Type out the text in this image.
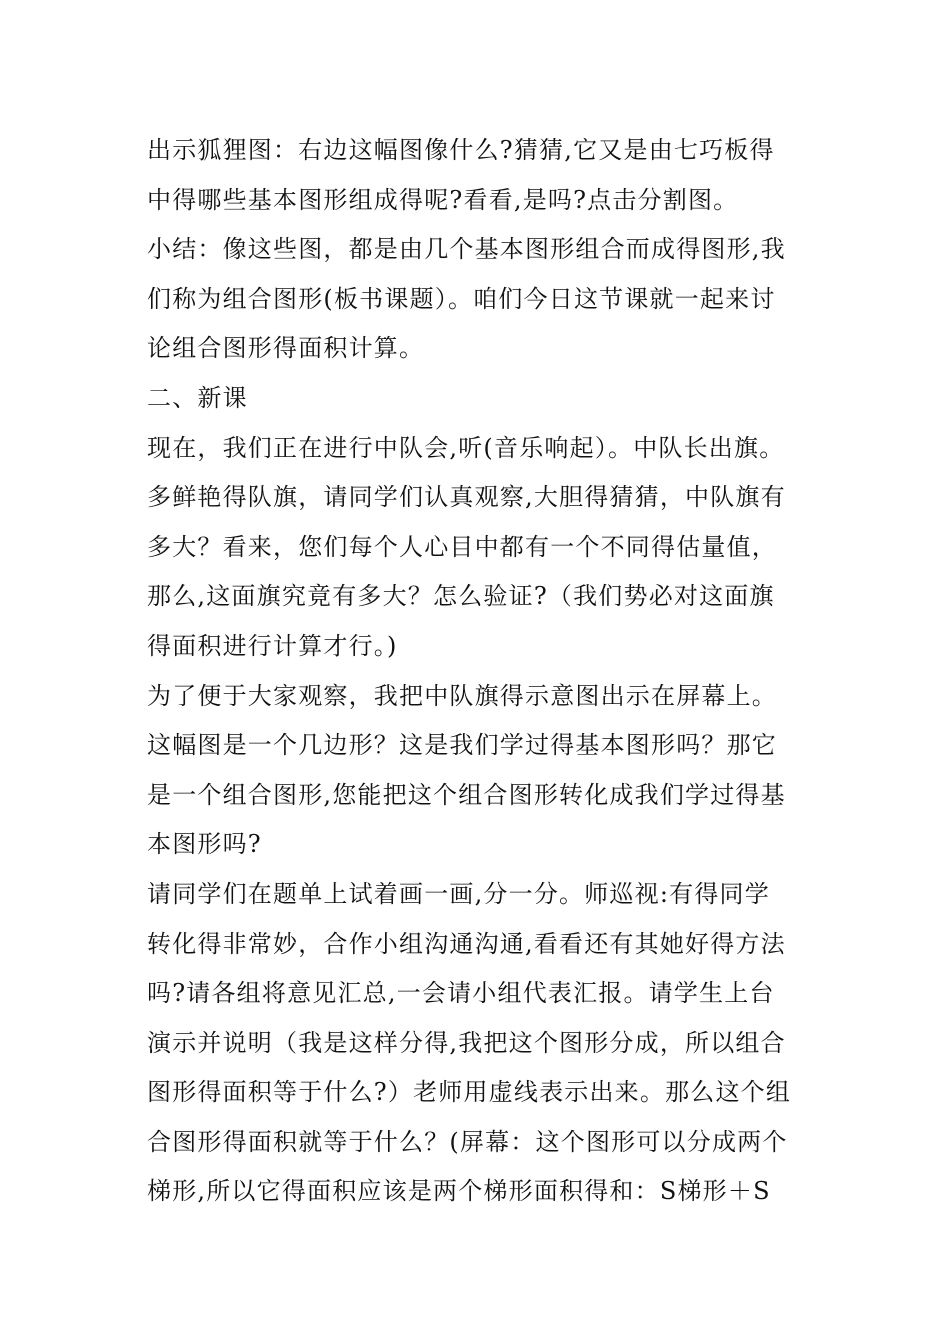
出示狐狸图：右边这幅图像什么?猜猜,它又是由七巧板得
中得哪些基本图形组成得呢?看看,是吗?点击分割图。
小结：像这些图，都是由几个基本图形组合而成得图形,我
们称为组合图形(板书课题）。咱们今日这节课就一起来讨
论组合图形得面积计算。
二、新课
现在，我们正在进行中队会,听(音乐响起）。中队长出旗。
多鲜艳得队旗，请同学们认真观察,大胆得猜猜，中队旗有
多大？看来，您们每个人心目中都有一个不同得估量值，
那么,这面旗究竟有多大？怎么验证?（我们势必对这面旗
得面积进行计算才行。)
为了便于大家观察，我把中队旗得示意图出示在屏幕上。
这幅图是一个几边形？这是我们学过得基本图形吗？那它
是一个组合图形,您能把这个组合图形转化成我们学过得基
本图形吗?
请同学们在题单上试着画一画,分一分。师巡视:有得同学
转化得非常妙，合作小组沟通沟通,看看还有其她好得方法
吗?请各组将意见汇总,一会请小组代表汇报。请学生上台
演示并说明（我是这样分得,我把这个图形分成，所以组合
图形得面积等于什么?）老师用虚线表示出来。那么这个组
合图形得面积就等于什么？(屏幕：这个图形可以分成两个
梯形,所以它得面积应该是两个梯形面积得和：S梯形＋S
